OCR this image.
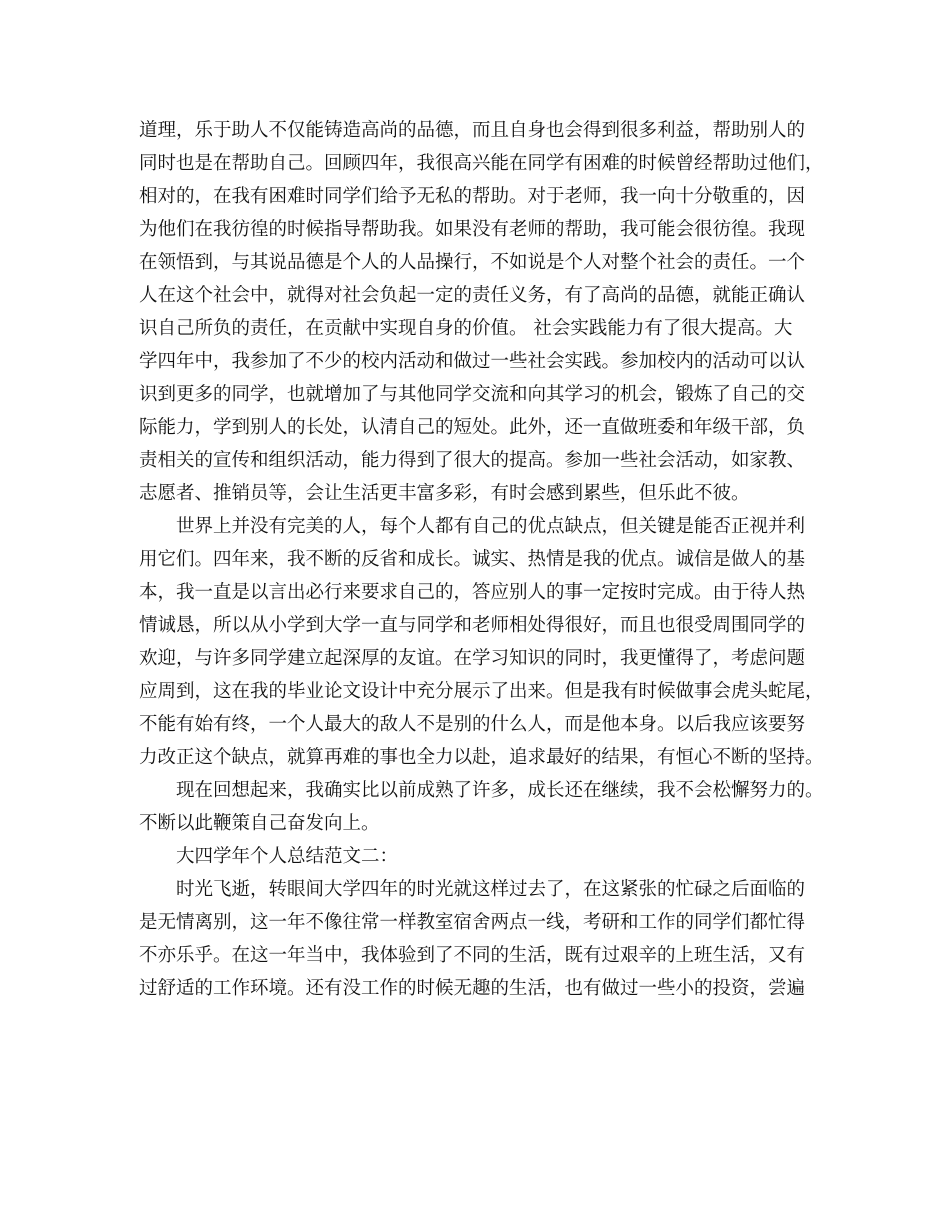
道理，乐于助人不仅能铸造高尚的品德，而且自身也会得到很多利益，帮助别人的
同时也是在帮助自己。回顾四年，我很高兴能在同学有困难的时候曾经帮助过他们，
相对的，在我有困难时同学们给予无私的帮助。对于老师，我一向十分敬重的，因
为他们在我彷徨的时候指导帮助我。如果没有老师的帮助，我可能会很彷徨。我现
在领悟到，与其说品德是个人的人品操行，不如说是个人对整个社会的责任。一个
人在这个社会中，就得对社会负起一定的责任义务，有了高尚的品德，就能正确认
识自己所负的责任，在贡献中实现自身的价值。 社会实践能力有了很大提高。大
学四年中，我参加了不少的校内活动和做过一些社会实践。参加校内的活动可以认
识到更多的同学，也就增加了与其他同学交流和向其学习的机会，锻炼了自己的交
际能力，学到别人的长处，认清自己的短处。此外，还一直做班委和年级干部，负
责相关的宣传和组织活动，能力得到了很大的提高。参加一些社会活动，如家教、
志愿者、推销员等，会让生活更丰富多彩，有时会感到累些，但乐此不彼。
世界上并没有完美的人，每个人都有自己的优点缺点，但关键是能否正视并利
用它们。四年来，我不断的反省和成长。诚实、热情是我的优点。诚信是做人的基
本，我一直是以言出必行来要求自己的，答应别人的事一定按时完成。由于待人热
情诚恳，所以从小学到大学一直与同学和老师相处得很好，而且也很受周围同学的
欢迎，与许多同学建立起深厚的友谊。在学习知识的同时，我更懂得了，考虑问题
应周到，这在我的毕业论文设计中充分展示了出来。但是我有时候做事会虎头蛇尾，
不能有始有终，一个人最大的敌人不是别的什么人，而是他本身。以后我应该要努
力改正这个缺点，就算再难的事也全力以赴，追求最好的结果，有恒心不断的坚持。
现在回想起来，我确实比以前成熟了许多，成长还在继续，我不会松懈努力的。
不断以此鞭策自己奋发向上。
大四学年个人总结范文二：
时光飞逝，转眼间大学四年的时光就这样过去了，在这紧张的忙碌之后面临的
是无情离别，这一年不像往常一样教室宿舍两点一线，考研和工作的同学们都忙得
不亦乐乎。在这一年当中，我体验到了不同的生活，既有过艰辛的上班生活，又有
过舒适的工作环境。还有没工作的时候无趣的生活，也有做过一些小的投资，尝遍
